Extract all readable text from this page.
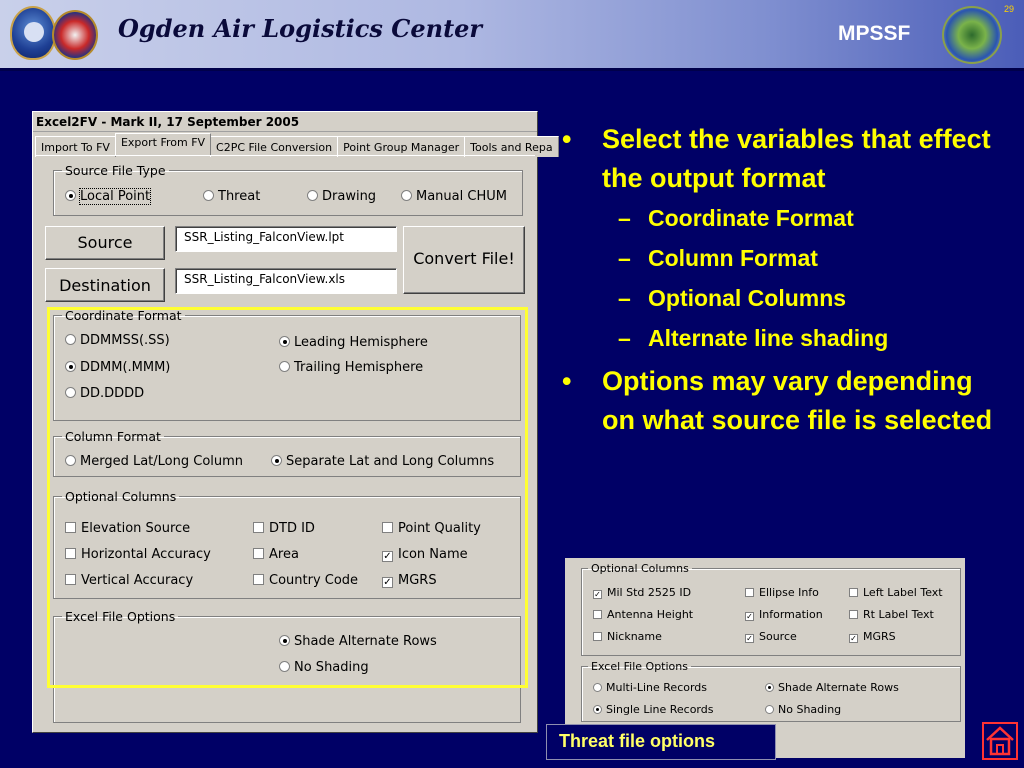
Ogden Air Logistics Center	MPSSF
29
• Select the variables that effect the output format
– Coordinate Format
– Column Format
– Optional Columns
– Alternate line shading
• Options may vary depending on what source file is selected
Excel2FV - Mark II, 17 September 2005
Import To FV Export From FV C2PC File Conversion Point Group Manager Tools and Repa
Source File Type
Local Point	Threat	Drawing	Manual CHUM
Source	SSR_Listing_FalconView.lpt
Destination	SSR_Listing_FalconView.xls
Convert File!
Coordinate Format
DDMMSS(.SS)	Leading Hemisphere
DDMM(.MMM)	Trailing Hemisphere
DD.DDDD
Column Format
Merged Lat/Long Column	Separate Lat and Long Columns
Optional Columns
Elevation Source	DTD ID	Point Quality
Horizontal Accuracy	Area	✓ Icon Name
Vertical Accuracy	Country Code	✓ MGRS
Excel File Options
Shade Alternate Rows
No Shading
Optional Columns
✓ Mil Std 2525 ID	Ellipse Info	Left Label Text
Antenna Height	✓ Information	Rt Label Text
Nickname	✓ Source	✓ MGRS
Excel File Options
Multi-Line Records	Shade Alternate Rows
Single Line Records	No Shading
Threat file options
